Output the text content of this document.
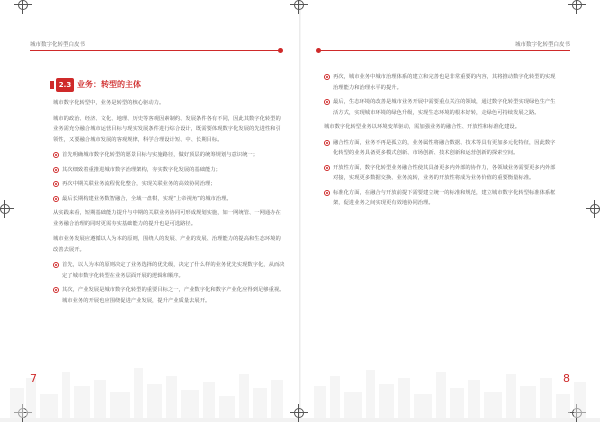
城市数字化转型白皮书	城市数字化转型白皮书
2.3 业务：转型的主体

城市数字化转型中，业务是转型的核心驱动力。

城市的政治、经济、文化、地理、历史等客观因素制约、发展条件各有不同，因此其数字化转型的业务需充分融合城市运营目标与现实发展条件进行综合设计，既需要体现数字化发展的先进性和引领性，又要融合城市发展的客观规律，科学合理设计短、中、长期目标。

首先明确城市数字化转型的愿景目标与实施路径，做好顶层的统筹规划与意识统一；
其次细致着重推进城市数字治理架构，夯实数字化发展的基础能力；
再次中期关联业务流程优化整合，实现关联业务的高效协同治理；
最后长期构建业务数智融合，全域一盘棋，实现“上帝视角”的城市治理。

从实践来看，短期基础能力提升与中期的关联业务协同可形成规划实施，如一网统管、一网通办在业务融合治理的同时更需夯实基础能力的提升也是可选路径。

城市业务发展应遵循以人为本的原则，围绕人的发展、产业的发展、治理能力的提高和生态环境的改善去展开。

首先，以人为本的原则决定了业务选择的优先级，决定了什么样的业务优先实现数字化，从而决定了城市数字化转型在业务层面开展的逻辑和顺序。
其次，产业发展是城市数字化转型的重要目标之一，产业数字化和数字产业化应得到足够重视。城市业务的开展也应围绕促进产业发展，提升产业质量去展开。
再次，城市业务中城市治理体系的建立和完善也是非常重要的内容，其将推动数字化转型的实现治理能力和治理水平的提升。
最后，生态环境的改善是城市业务开展中需要重点关注的领域，通过数字化转型实现绿色生产生活方式，实现城市环境的绿色升级，实现生态环境的根本好转，走绿色可持续发展之路。

城市数字化转型业务以环境变革驱动，需加强业务的融合性、开放性和标准化建设。

融合性方面，业务不再是孤立的，业务属性将融合数据、技术等具有更加多元化特征，因此数字化转型的业务具备更多模式创新、市场创新、技术创新和运营创新的探索空间。
开放性方面，数字化转型业务融合性使其具备更多内外部的协作力，各领域业务需要更多内外部对接，实现更多数据交换、业务流转，业务的开放性将成为业务价值的重要衡量标准。
标准化方面，在融合与开放前提下需要建立统一的标准和规范，建立城市数字化转型标准体系框架，促进业务之间实现更有效地协同治理。
7	8
